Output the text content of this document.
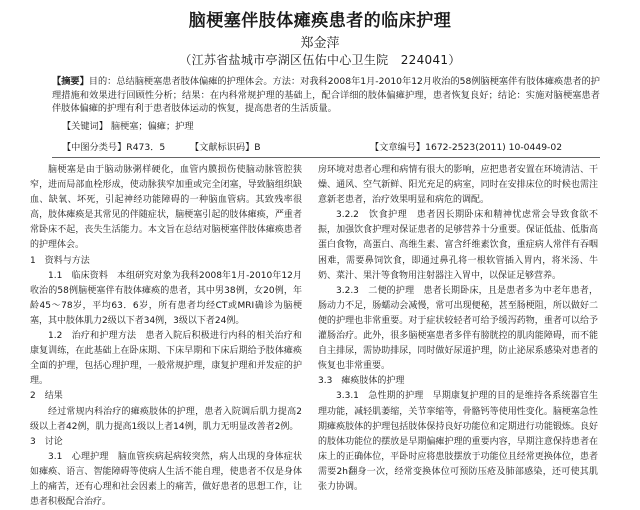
脑梗塞伴肢体瘫痪患者的临床护理
郑金萍
（江苏省盐城市亭湖区伍佑中心卫生院　224041）
【摘要】目的：总结脑梗塞患者肢体偏瘫的护理体会。方法：对我科2008年1月-2010年12月收治的58例脑梗塞伴有肢体瘫痪患者的护理措施和效果进行回顾性分析；结果：在内科常规护理的基础上，配合详细的肢体偏瘫护理，患者恢复良好；结论：实施对脑梗塞患者伴肢体偏瘫的护理有利于患者肢体运动的恢复，提高患者的生活质量。
【关键词】 脑梗塞；偏瘫；护理
【中图分类号】R473．5	【文献标识码】B	【文章编号】1672-2523(2011) 10-0449-02

脑梗塞是由于脑动脉粥样硬化，血管内膜损伤使脑动脉管腔狭窄，进而局部血栓形成，使动脉狭窄加重或完全闭塞，导致脑组织缺血、缺氧、坏死，引起神经功能障碍的一种脑血管病。其致残率很高，肢体瘫痪是其常见的伴随症状，脑梗塞引起的肢体瘫痪，严重者常卧床不起，丧失生活能力。本文旨在总结对脑梗塞伴肢体瘫痪患者的护理体会。

1　资料与方法

1.1　临床资料　本组研究对象为我科2008年1月-2010年12月收治的58例脑梗塞伴有肢体瘫痪的患者，其中男38例，女20例，年龄45～78岁，平均63．6岁，所有患者均经CT或MRI确诊为脑梗塞，其中肢体肌力2级以下者34例，3级以下者24例。

1.2　治疗和护理方法　患者入院后积极进行内科的相关治疗和康复训练，在此基础上在卧床期、下床早期和下床后期给予肢体瘫痪全面的护理，包括心理护理，一般常规护理，康复护理和并发症的护理。

2　结果

经过常规内科治疗的瘫痪肢体的护理，患者入院调后肌力提高2级以上者42例，肌力提高1级以上者14例，肌力无明显改善者2例。

3　讨论

3.1　心理护理　脑血管疾病起病较突然，病人出现的身体症状如瘫痪、语言、智能障碍等使病人生活不能自理，使患者不仅是身体上的痛苦，还有心理和社会因素上的痛苦，做好患者的思想工作，让患者积极配合治疗。

房环境对患者心理和病情有很大的影响，应把患者安置在环境清洁、干燥、通风、空气新鲜、阳光充足的病室，同时在安排床位的时候也需注意新老患者，治疗效果明显和病危的调配。

3.2.2　饮食护理　患者因长期卧床和精神忧虑常会导致食欲不振，加强饮食护理对保证患者的足够营养十分重要。保证低盐、低脂高蛋白食物，高蛋白、高维生素、富含纤维素饮食，重症病人常伴有吞咽困难，需要鼻饲饮食，即通过鼻孔将一根软管插入胃内，将米汤、牛奶、菜汁、果汁等食物用注射器注入胃中，以保证足够营养。

3.2.3　二便的护理　患者长期卧床，且是患者多为中老年患者，肠动力不足，肠蠕动会减慢，常可出现便秘，甚至肠梗阻，所以做好二便的护理也非常重要。对于症状较轻者可给予缓泻药物，重者可以给予灌肠治疗。此外，很多脑梗塞患者多伴有膀胱控的肌肉能障碍，而不能自主排尿，需协助排尿，同时做好尿道护理，防止泌尿系感染对患者的恢复也非常重要。

3.3　瘫痪肢体的护理

3.3.1　急性期的护理　早期康复护理的目的是维持各系统器官生理功能，减轻肌萎缩，关节挛缩等，骨骼钙等使用性变化。脑梗塞急性期瘫痪肢体的护理包括肢体保持良好功能位和定期进行功能锻炼。良好的肢体功能位的摆放是早期偏瘫护理的重要内容，早期注意保持患者在床上的正确体位，平卧时应将患肢摆放于功能位且经常更换体位，患者需要2h翻身一次，经常变换体位可预防压疮及肺部感染，还可使其肌张力协调。
